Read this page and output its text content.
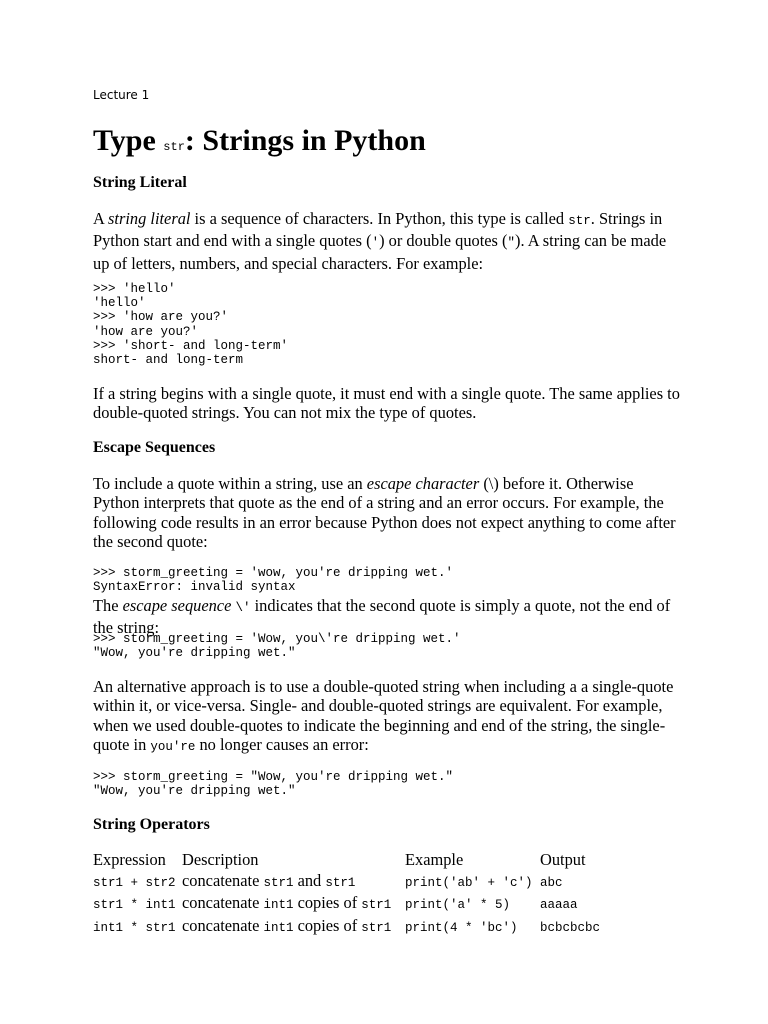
Lecture 1
Type str: Strings in Python
String Literal

A string literal is a sequence of characters. In Python, this type is called str. Strings in Python start and end with a single quotes (') or double quotes ("). A string can be made up of letters, numbers, and special characters. For example:

>>> 'hello'
'hello'
>>> 'how are you?'
'how are you?'
>>> 'short- and long-term'
short- and long-term

If a string begins with a single quote, it must end with a single quote. The same applies to double-quoted strings. You can not mix the type of quotes.

Escape Sequences

To include a quote within a string, use an escape character (\) before it. Otherwise Python interprets that quote as the end of a string and an error occurs. For example, the following code results in an error because Python does not expect anything to come after the second quote:

>>> storm_greeting = 'wow, you're dripping wet.'
SyntaxError: invalid syntax

The escape sequence \' indicates that the second quote is simply a quote, not the end of the string:

>>> storm_greeting = 'Wow, you\'re dripping wet.'
"Wow, you're dripping wet."

An alternative approach is to use a double-quoted string when including a a single-quote within it, or vice-versa. Single- and double-quoted strings are equivalent. For example, when we used double-quotes to indicate the beginning and end of the string, the single-quote in you're no longer causes an error:

>>> storm_greeting = "Wow, you're dripping wet."
"Wow, you're dripping wet."
String Operators
Expression	Description	Example	Output
str1 + str2	concatenate str1 and str1	print('ab' + 'c')	abc
str1 * int1	concatenate int1 copies of str1	print('a' * 5)	aaaaa
int1 * str1	concatenate int1 copies of str1	print(4 * 'bc')	bcbcbcbc
